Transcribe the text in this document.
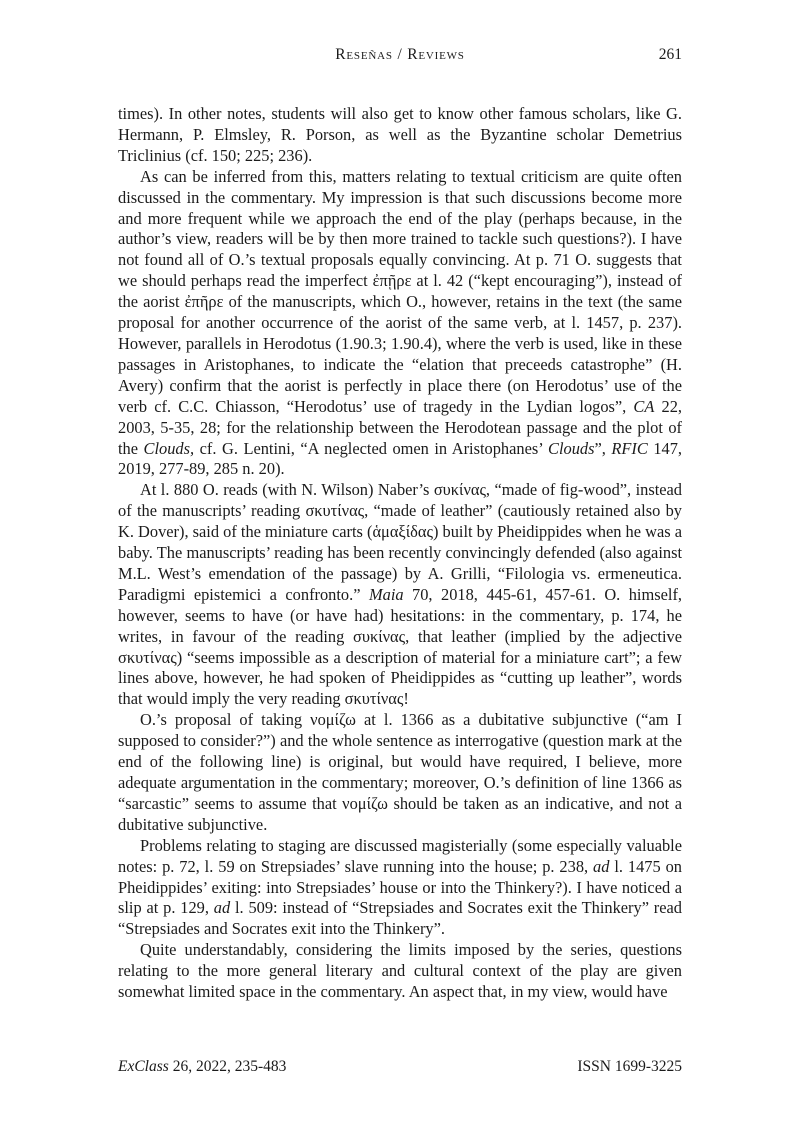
Reseñas / Reviews	261

times). In other notes, students will also get to know other famous scholars, like G. Hermann, P. Elmsley, R. Porson, as well as the Byzantine scholar Demetrius Triclinius (cf. 150; 225; 236).

As can be inferred from this, matters relating to textual criticism are quite often discussed in the commentary. My impression is that such discussions become more and more frequent while we approach the end of the play (perhaps because, in the author’s view, readers will be by then more trained to tackle such questions?). I have not found all of O.’s textual proposals equally convincing. At p. 71 O. suggests that we should perhaps read the imperfect ἐπῇρε at l. 42 (“kept encouraging”), instead of the aorist ἐπῆρε of the manuscripts, which O., however, retains in the text (the same proposal for another occurrence of the aorist of the same verb, at l. 1457, p. 237). However, parallels in Herodotus (1.90.3; 1.90.4), where the verb is used, like in these passages in Aristophanes, to indicate the “elation that preceeds catastrophe” (H. Avery) confirm that the aorist is perfectly in place there (on Herodotus’ use of the verb cf. C.C. Chiasson, “Herodotus’ use of tragedy in the Lydian logos”, CA 22, 2003, 5-35, 28; for the relationship between the Herodotean passage and the plot of the Clouds, cf. G. Lentini, “A neglected omen in Aristophanes’ Clouds”, RFIC 147, 2019, 277-89, 285 n. 20).

At l. 880 O. reads (with N. Wilson) Naber’s συκίνας, “made of fig-wood”, instead of the manuscripts’ reading σκυτίνας, “made of leather” (cautiously retained also by K. Dover), said of the miniature carts (ἁμαξίδας) built by Pheidippides when he was a baby. The manuscripts’ reading has been recently convincingly defended (also against M.L. West’s emendation of the passage) by A. Grilli, “Filologia vs. ermeneutica. Paradigmi epistemici a confronto.” Maia 70, 2018, 445-61, 457-61. O. himself, however, seems to have (or have had) hesitations: in the commentary, p. 174, he writes, in favour of the reading συκίνας, that leather (implied by the adjective σκυτίνας) “seems impossible as a description of material for a miniature cart”; a few lines above, however, he had spoken of Pheidippides as “cutting up leather”, words that would imply the very reading σκυτίνας!

O.’s proposal of taking νομίζω at l. 1366 as a dubitative subjunctive (“am I supposed to consider?”) and the whole sentence as interrogative (question mark at the end of the following line) is original, but would have required, I believe, more adequate argumentation in the commentary; moreover, O.’s definition of line 1366 as “sarcastic” seems to assume that νομίζω should be taken as an indicative, and not a dubitative subjunctive.

Problems relating to staging are discussed magisterially (some especially valuable notes: p. 72, l. 59 on Strepsiades’ slave running into the house; p. 238, ad l. 1475 on Pheidippides’ exiting: into Strepsiades’ house or into the Thinkery?). I have noticed a slip at p. 129, ad l. 509: instead of “Strepsiades and Socrates exit the Thinkery” read “Strepsiades and Socrates exit into the Thinkery”.

Quite understandably, considering the limits imposed by the series, questions relating to the more general literary and cultural context of the play are given somewhat limited space in the commentary. An aspect that, in my view, would have

ExClass 26, 2022, 235-483	ISSN 1699-3225
